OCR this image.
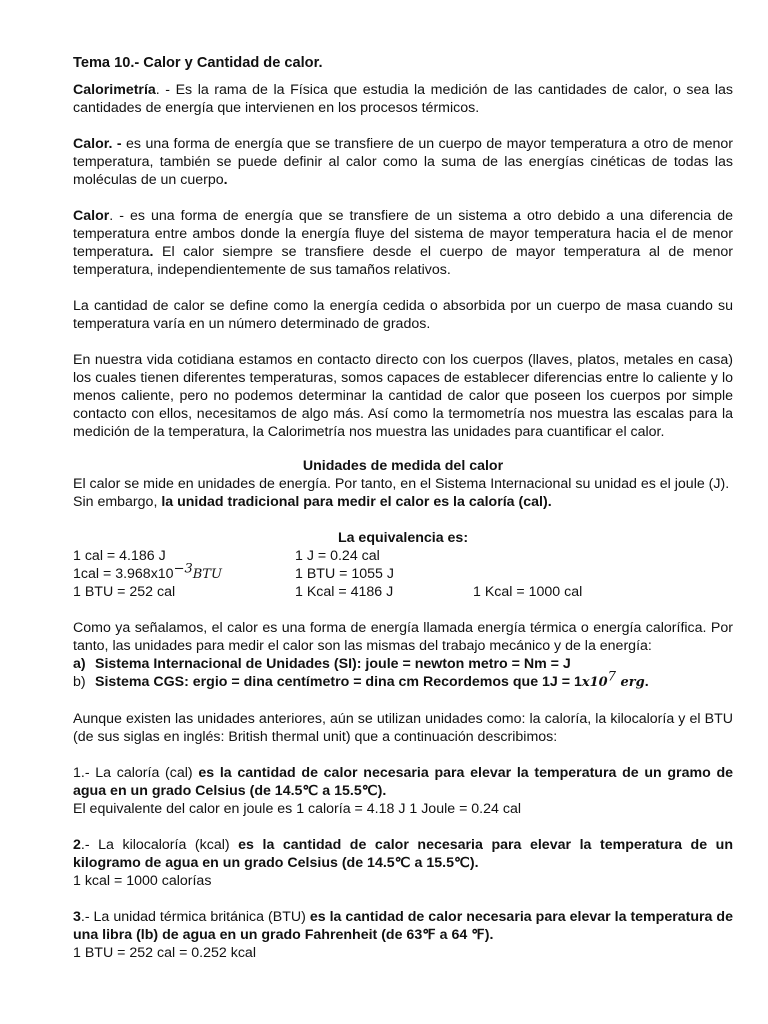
Tema 10.- Calor y Cantidad de calor.

Calorimetría. - Es la rama de la Física que estudia la medición de las cantidades de calor, o sea las cantidades de energía que intervienen en los procesos térmicos.

Calor. - es una forma de energía que se transfiere de un cuerpo de mayor temperatura a otro de menor temperatura, también se puede definir al calor como la suma de las energías cinéticas de todas las moléculas de un cuerpo.

Calor. - es una forma de energía que se transfiere de un sistema a otro debido a una diferencia de temperatura entre ambos donde la energía fluye del sistema de mayor temperatura hacia el de menor temperatura. El calor siempre se transfiere desde el cuerpo de mayor temperatura al de menor temperatura, independientemente de sus tamaños relativos.

La cantidad de calor se define como la energía cedida o absorbida por un cuerpo de masa cuando su temperatura varía en un número determinado de grados.

En nuestra vida cotidiana estamos en contacto directo con los cuerpos (llaves, platos, metales en casa) los cuales tienen diferentes temperaturas, somos capaces de establecer diferencias entre lo caliente y lo menos caliente, pero no podemos determinar la cantidad de calor que poseen los cuerpos por simple contacto con ellos, necesitamos de algo más. Así como la termometría nos muestra las escalas para la medición de la temperatura, la Calorimetría nos muestra las unidades para cuantificar el calor.

Unidades de medida del calor
El calor se mide en unidades de energía. Por tanto, en el Sistema Internacional su unidad es el joule (J).
Sin embargo, la unidad tradicional para medir el calor es la caloría (cal).
La equivalencia es:
1 cal = 4.186 J	1 J = 0.24 cal
$1cal = 3.968x10^{-3}BTU$	1 BTU = 1055 J
1 BTU = 252 cal	1 Kcal = 4186 J	1 Kcal = 1000 cal

Como ya señalamos, el calor es una forma de energía llamada energía térmica o energía calorífica. Por tanto, las unidades para medir el calor son las mismas del trabajo mecánico y de la energía:

a) Sistema Internacional de Unidades (SI): joule = newton metro = Nm = J
b) Sistema CGS: ergio = dina centímetro = dina cm Recordemos que $1J = 1x10^7$ erg.

Aunque existen las unidades anteriores, aún se utilizan unidades como: la caloría, la kilocaloría y el BTU (de sus siglas en inglés: British thermal unit) que a continuación describimos:

1.- La caloría (cal) es la cantidad de calor necesaria para elevar la temperatura de un gramo de agua en un grado Celsius (de 14.5℃ a 15.5℃).

El equivalente del calor en joule es 1 caloría = 4.18 J 1 Joule = 0.24 cal

2.- La kilocaloría (kcal) es la cantidad de calor necesaria para elevar la temperatura de un kilogramo de agua en un grado Celsius (de 14.5℃ a 15.5℃).

1 kcal = 1000 calorías

3.- La unidad térmica británica (BTU) es la cantidad de calor necesaria para elevar la temperatura de una libra (lb) de agua en un grado Fahrenheit (de 63℉ a 64 ℉).

1 BTU = 252 cal = 0.252 kcal
